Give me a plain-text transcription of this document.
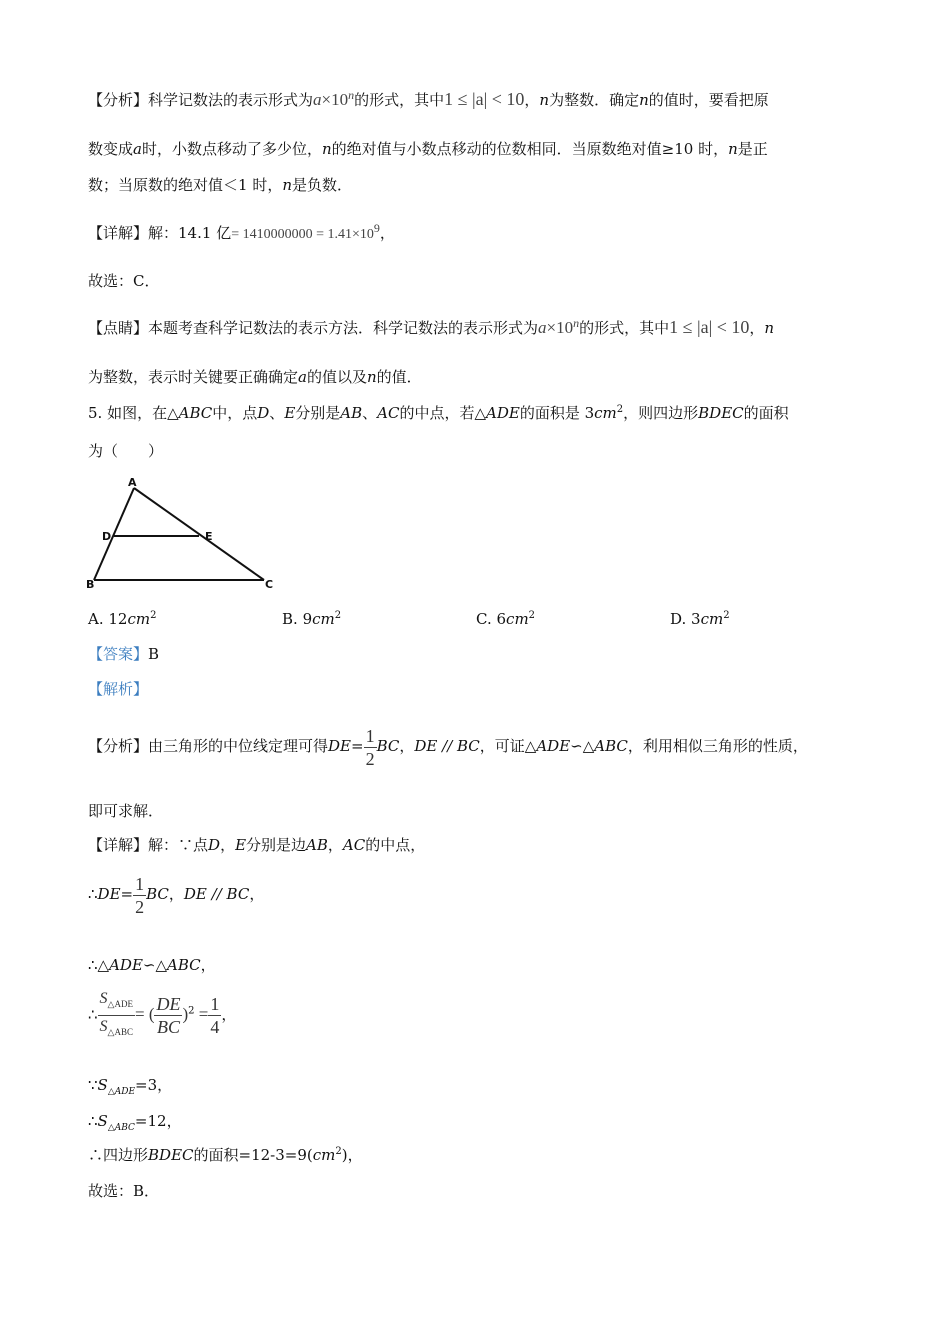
【分析】科学记数法的表示形式为$a\times 10^n$的形式，其中1 ≤ |a| < 10，n为整数．确定n的值时，要看把原
数变成a时，小数点移动了多少位，n的绝对值与小数点移动的位数相同．当原数绝对值≥10 时，n是正
数；当原数的绝对值＜1 时，n是负数．
【详解】解：14.1 亿= $1410000000 = 1.41\times 10^9$，
故选：C．
【点睛】本题考查科学记数法的表示方法．科学记数法的表示形式为$a\times 10^n$的形式，其中1 ≤ |a| < 10，n
为整数，表示时关键要正确确定a的值以及n的值．
5. 如图，在△ABC中，点D、E分别是AB、AC的中点，若△ADE的面积是 $3cm^2$，则四边形BDEC的面积
为（　　）
A
B	C
D	E
A. $12cm^2$	B. $9cm^2$	C. $6cm^2$	D. $3cm^2$
【答案】B
【解析】
【分析】由三角形的中位线定理可得$DE= \frac{1}{2}$ BC，DE // BC，可证△ADE∽△ABC，利用相似三角形的性质，
即可求解．
【详解】解：∵点D，E分别是边AB，AC的中点，
∴DE= $\frac{1}{2}$ BC，DE // BC，
∴△ADE∽△ABC，
∴ $\frac{S_{\triangle ADE}}{S_{\triangle ABC}}$ = ( $\frac{DE}{BC} )^2 = \frac{1}{4}$ ，
$\because S_{\triangle ADE}=3$，
$\therefore S_{\triangle ABC}=12$，
∴四边形BDEC的面积$=12-3=9(cm^2)$，
故选：B．
